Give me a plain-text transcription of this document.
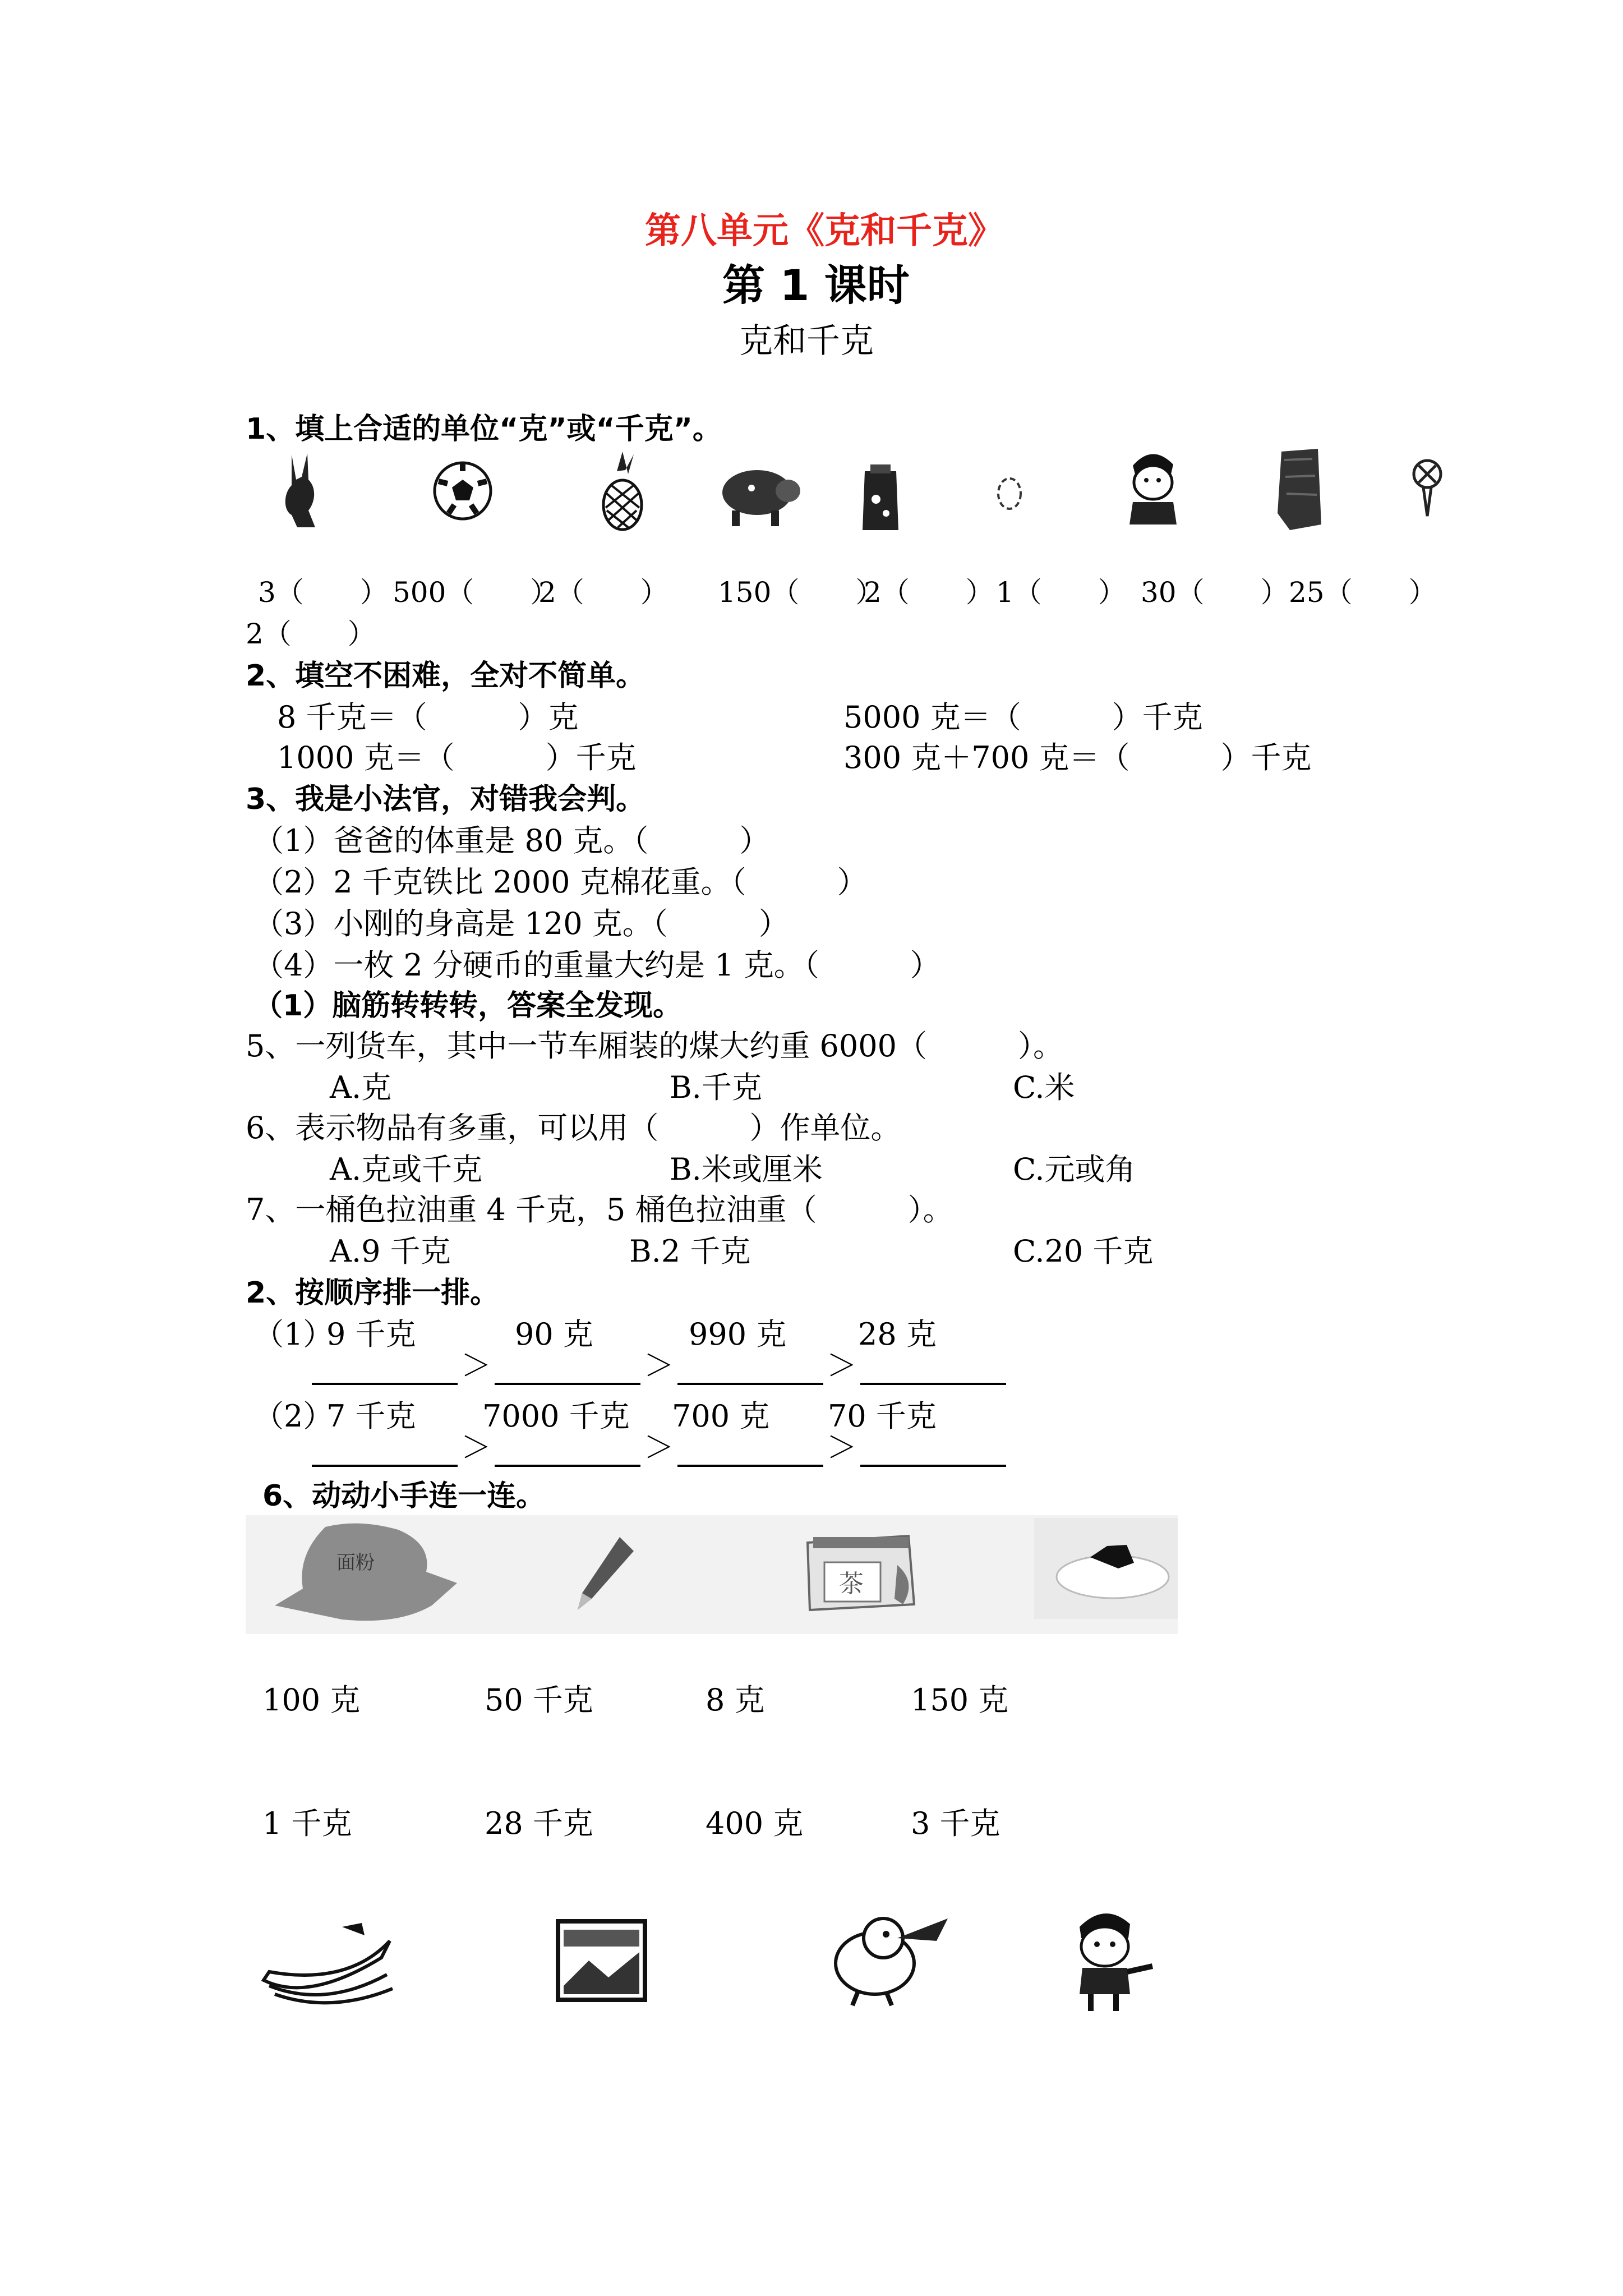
第八单元《克和千克》
第 1 课时
克和千克
1、填上合适的单位“克”或“千克”。
3（　　） 500（　　）
2（　　） 150（　　）
2（　　） 1（　　） 30（　　） 25（　　）
2（　　）
2、填空不困难，全对不简单。
8 千克＝（　　　）克	5000 克＝（　　　）千克
1000 克＝（　　　）千克	300 克＋700 克＝（　　　）千克
3、我是小法官，对错我会判。
（1）爸爸的体重是 80 克。（　　　）
（2）2 千克铁比 2000 克棉花重。（　　　）
（3）小刚的身高是 120 克。（　　　）
（4）一枚 2 分硬币的重量大约是 1 克。（　　　）
（1）脑筋转转转，答案全发现。
5、一列货车，其中一节车厢装的煤大约重 6000（　　　）。
A.克	B.千克	C.米
6、表示物品有多重，可以用（　　　）作单位。
A.克或千克	B.米或厘米	C.元或角
7、一桶色拉油重 4 千克，5 桶色拉油重（　　　）。
A.9 千克	B.2 千克	C.20 千克
2、按顺序排一排。
（1）
9 千克	90 克	990 克 28 克
＞	＞	＞
（2）
7 千克 7000 千克 700 克 70 千克
＞	＞	＞
6、动动小手连一连。
面粉
茶
100 克	50 千克	8 克	150 克
1 千克	28 千克	400 克	3 千克
